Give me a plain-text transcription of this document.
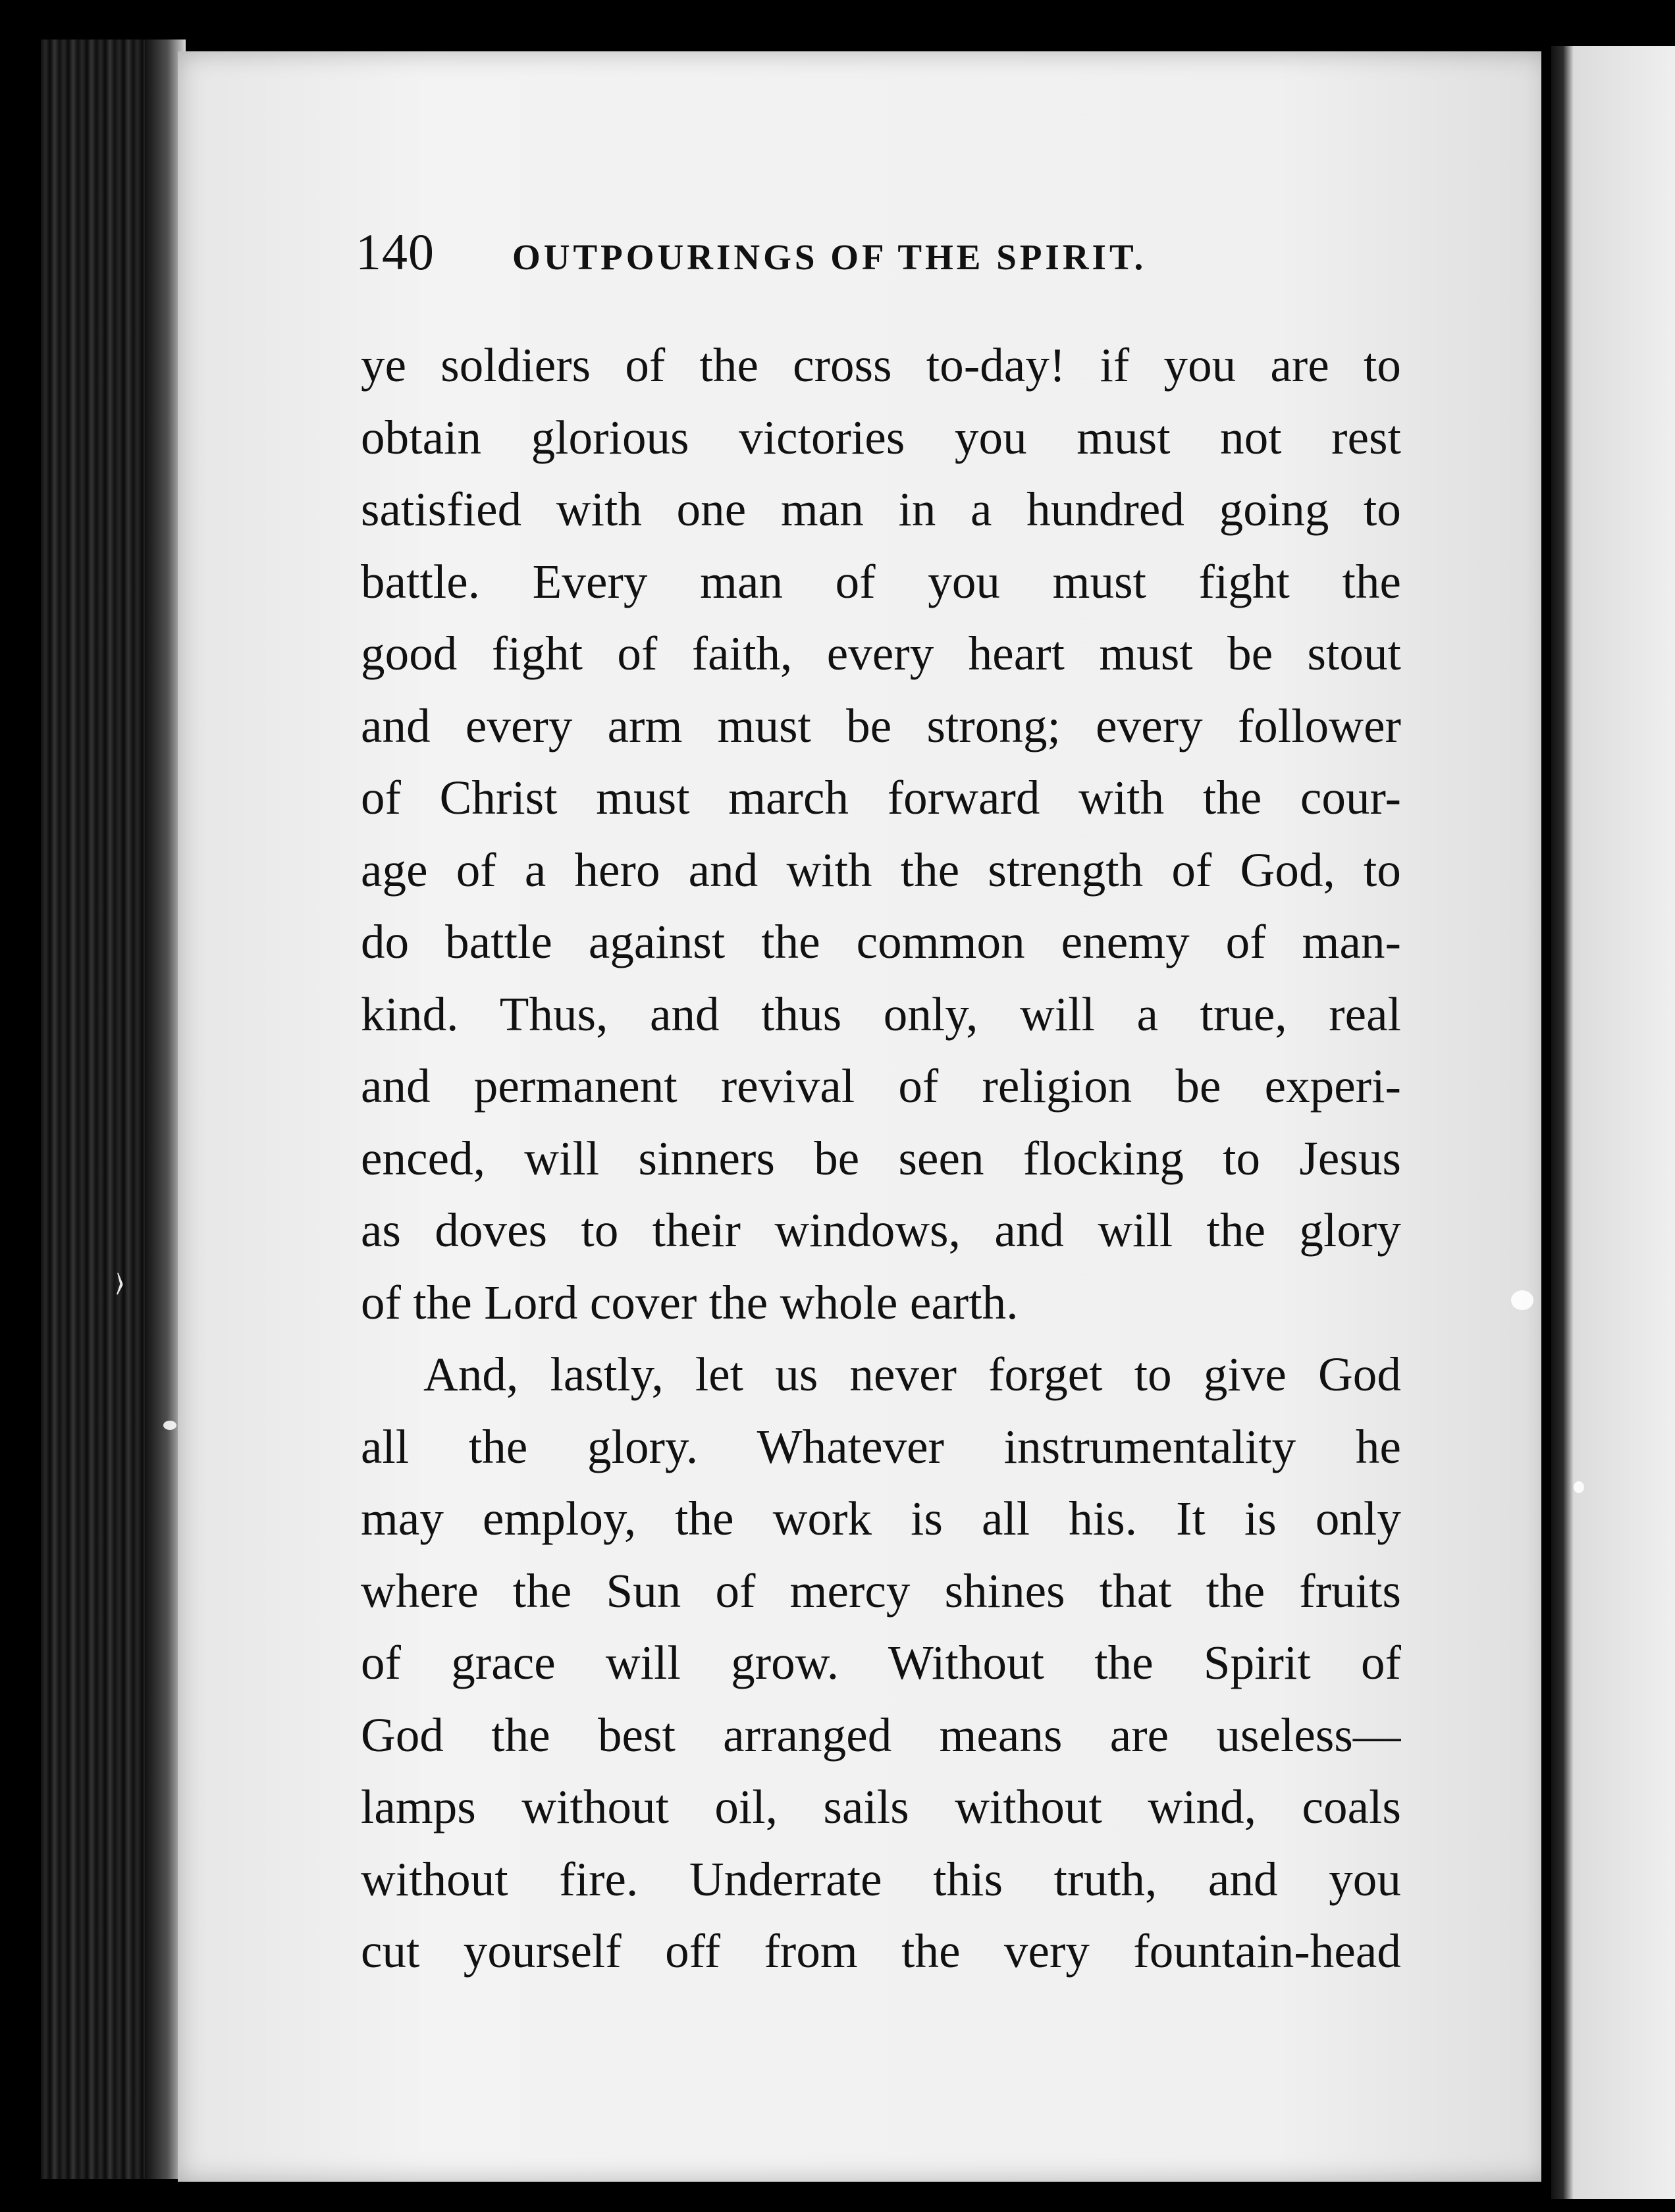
›
140 OUTPOURINGS OF THE SPIRIT.
ye soldiers of the cross to-day! if you are to
obtain glorious victories you must not rest
satisfied with one man in a hundred going to
battle. Every man of you must fight the
good fight of faith, every heart must be stout
and every arm must be strong; every follower
of Christ must march forward with the cour-
age of a hero and with the strength of God, to
do battle against the common enemy of man-
kind. Thus, and thus only, will a true, real
and permanent revival of religion be experi-
enced, will sinners be seen flocking to Jesus
as doves to their windows, and will the glory
of the Lord cover the whole earth.
And, lastly, let us never forget to give God
all the glory. Whatever instrumentality he
may employ, the work is all his. It is only
where the Sun of mercy shines that the fruits
of grace will grow. Without the Spirit of
God the best arranged means are useless—
lamps without oil, sails without wind, coals
without fire. Underrate this truth, and you
cut yourself off from the very fountain-head
